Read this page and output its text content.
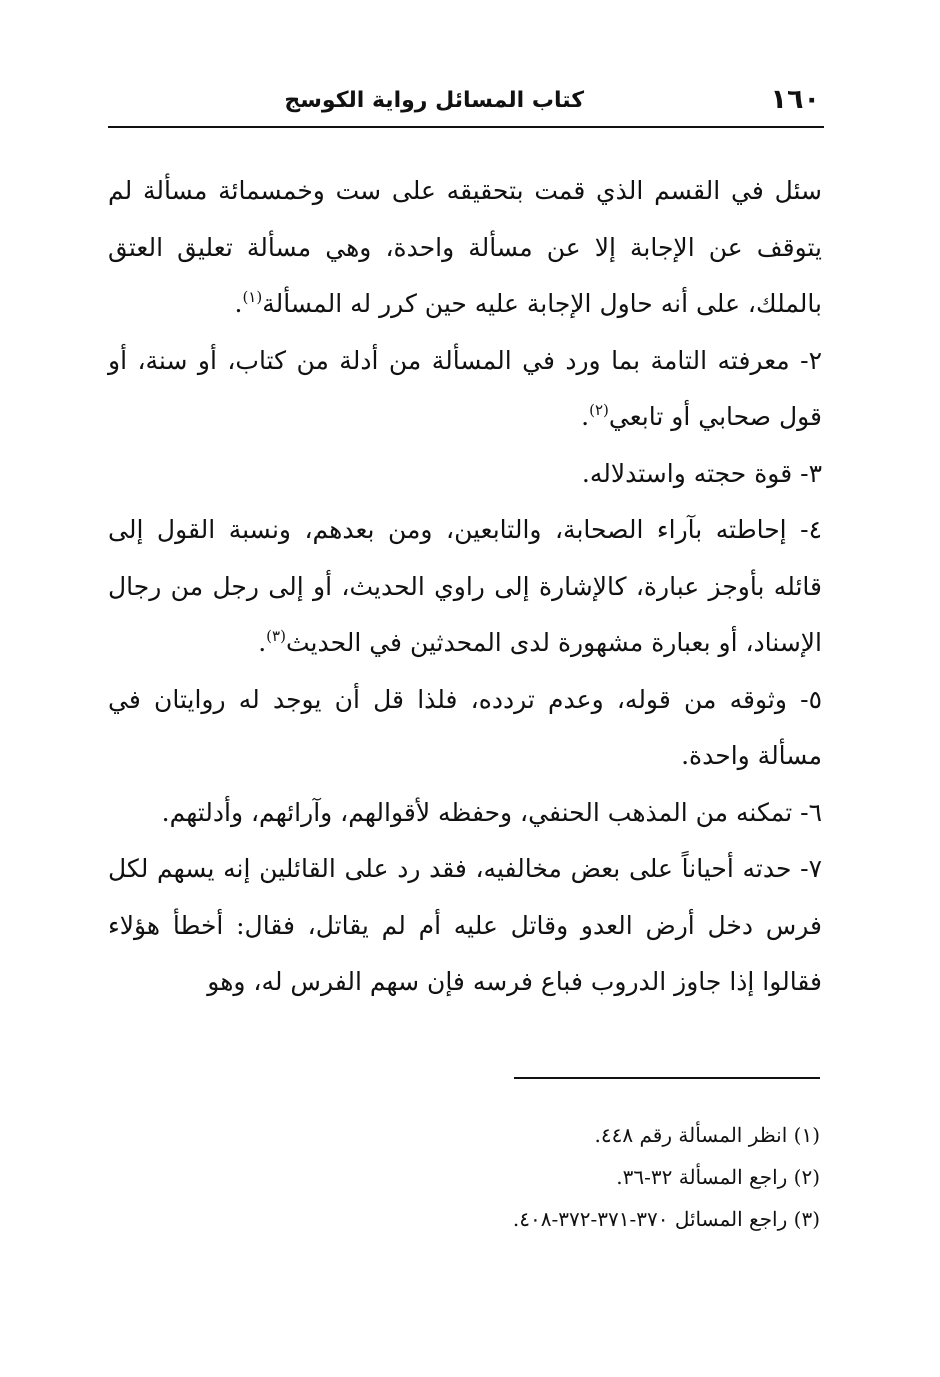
١٦٠
كتاب المسائل رواية الكوسج

سئل في القسم الذي قمت بتحقيقه على ست وخمسمائة مسألة لم يتوقف عن الإجابة إلا عن مسألة واحدة، وهي مسألة تعليق العتق بالملك، على أنه حاول الإجابة عليه حين كرر له المسألة$^{(١)}$.

٢- معرفته التامة بما ورد في المسألة من أدلة من كتاب، أو سنة، أو قول صحابي أو تابعي$^{(٢)}$.

٣- قوة حجته واستدلاله.

٤- إحاطته بآراء الصحابة، والتابعين، ومن بعدهم، ونسبة القول إلى قائله بأوجز عبارة، كالإشارة إلى راوي الحديث، أو إلى رجل من رجال الإسناد، أو بعبارة مشهورة لدى المحدثين في الحديث$^{(٣)}$.

٥- وثوقه من قوله، وعدم تردده، فلذا قل أن يوجد له روايتان في مسألة واحدة.

٦- تمكنه من المذهب الحنفي، وحفظه لأقوالهم، وآرائهم، وأدلتهم.

٧- حدته أحياناً على بعض مخالفيه، فقد رد على القائلين إنه يسهم لكل فرس دخل أرض العدو وقاتل عليه أم لم يقاتل، فقال: أخطأ هؤلاء فقالوا إذا جاوز الدروب فباع فرسه فإن سهم الفرس له، وهو

(١) انظر المسألة رقم ٤٤٨.

(٢) راجع المسألة ٣٢-٣٦.

(٣) راجع المسائل ٣٧٠-٣٧١-٣٧٢-٤٠٨.
